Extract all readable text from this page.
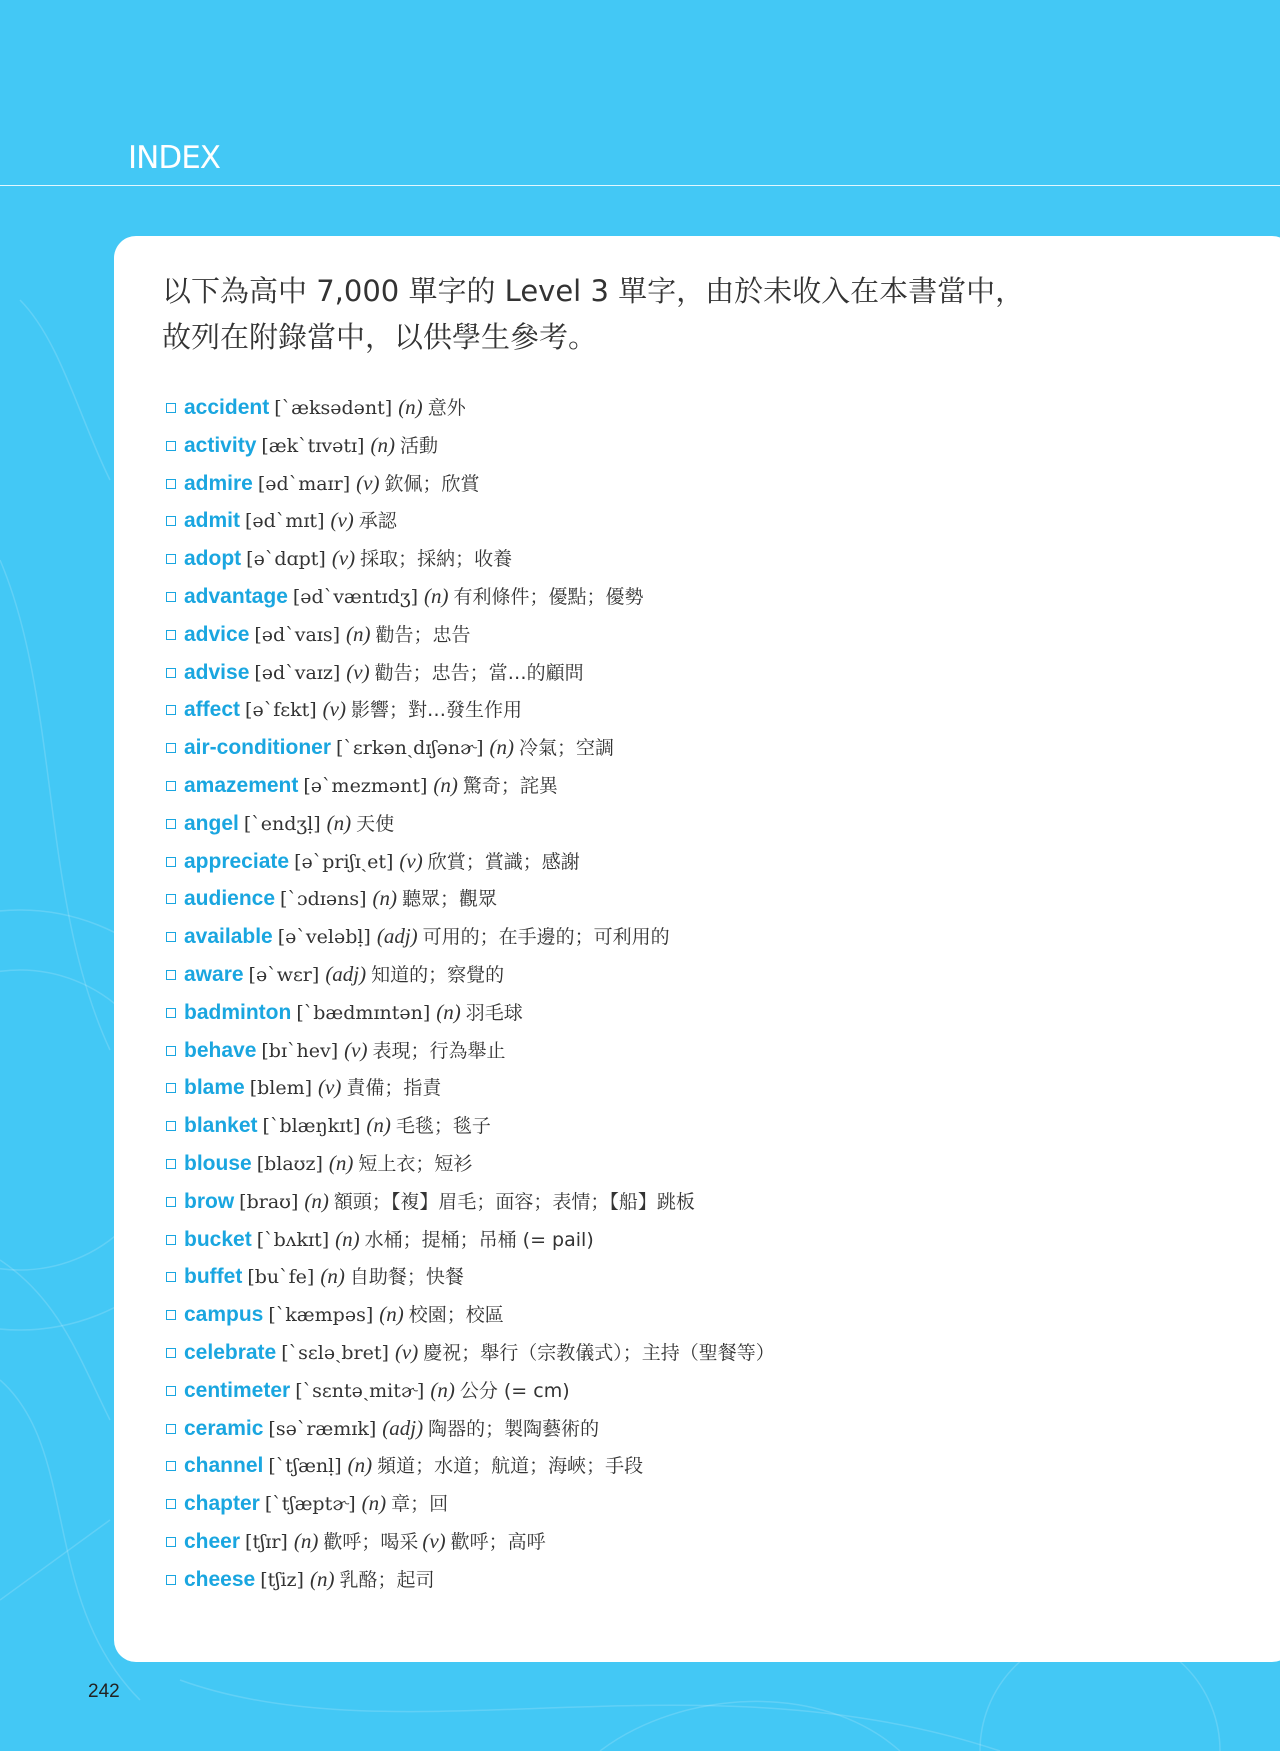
INDEX
以下為高中 7,000 單字的 Level 3 單字，由於未收入在本書當中，
故列在附錄當中，以供學生參考。
accident [ˋæksədənt] (n) 意外
activity [ækˋtɪvətɪ] (n) 活動
admire [ədˋmaɪr] (v) 欽佩；欣賞
admit [ədˋmɪt] (v) 承認
adopt [əˋdɑpt] (v) 採取；採納；收養
advantage [ədˋvæntɪdʒ] (n) 有利條件；優點；優勢
advice [ədˋvaɪs] (n) 勸告；忠告
advise [ədˋvaɪz] (v) 勸告；忠告；當…的顧問
affect [əˋfɛkt] (v) 影響；對…發生作用
air-conditioner [ˋɛrkənˏdɪʃənɚ] (n) 冷氣；空調
amazement [əˋmezmənt] (n) 驚奇；詫異
angel [ˋendʒḷ] (n) 天使
appreciate [əˋpriʃɪˏet] (v) 欣賞；賞識；感謝
audience [ˋɔdɪəns] (n) 聽眾；觀眾
available [əˋveləbḷ] (adj) 可用的；在手邊的；可利用的
aware [əˋwɛr] (adj) 知道的；察覺的
badminton [ˋbædmɪntən] (n) 羽毛球
behave [bɪˋhev] (v) 表現；行為舉止
blame [blem] (v) 責備；指責
blanket [ˋblæŋkɪt] (n) 毛毯；毯子
blouse [blaʊz] (n) 短上衣；短衫
brow [braʊ] (n) 額頭；【複】眉毛；面容；表情；【船】跳板
bucket [ˋbʌkɪt] (n) 水桶；提桶；吊桶 (= pail)
buffet [buˋfe] (n) 自助餐；快餐
campus [ˋkæmpəs] (n) 校園；校區
celebrate [ˋsɛləˏbret] (v) 慶祝；舉行（宗教儀式）；主持（聖餐等）
centimeter [ˋsɛntəˏmitɚ] (n) 公分 (= cm)
ceramic [səˋræmɪk] (adj) 陶器的；製陶藝術的
channel [ˋtʃænḷ] (n) 頻道；水道；航道；海峽；手段
chapter [ˋtʃæptɚ] (n) 章；回
cheer [tʃɪr] (n) 歡呼；喝采 (v) 歡呼；高呼
cheese [tʃiz] (n) 乳酪；起司
242
